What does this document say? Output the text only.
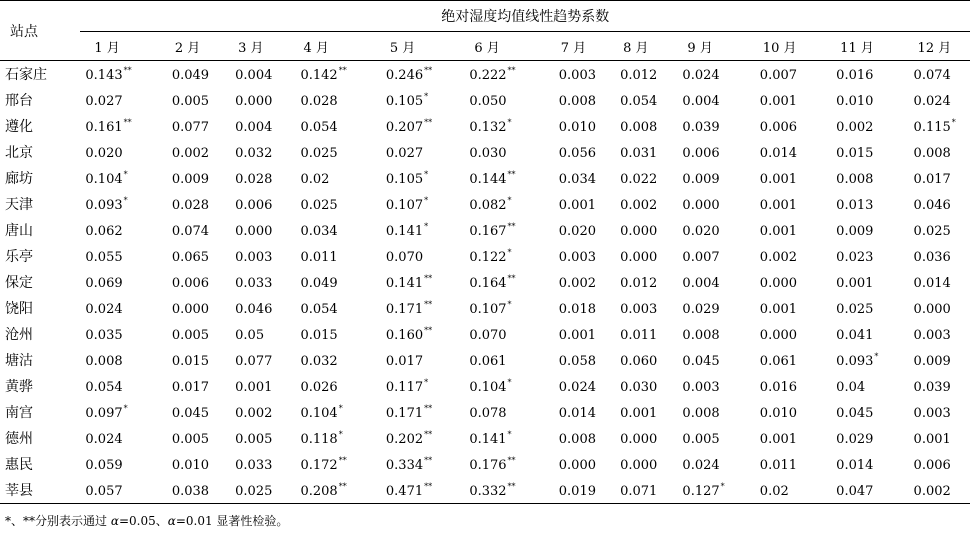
站点	绝对湿度均值线性趋势系数											
	1 月	2 月	3 月	4 月	5 月	6 月	7 月	8 月	9 月	10 月	11 月	12 月
石家庄	0.143**	0.049	0.004	0.142**	0.246**	0.222**	0.003	0.012	0.024	0.007	0.016	0.074
邢台	0.027	0.005	0.000	0.028	0.105*	0.050	0.008	0.054	0.004	0.001	0.010	0.024
遵化	0.161**	0.077	0.004	0.054	0.207**	0.132*	0.010	0.008	0.039	0.006	0.002	0.115*
北京	0.020	0.002	0.032	0.025	0.027	0.030	0.056	0.031	0.006	0.014	0.015	0.008
廊坊	0.104*	0.009	0.028	0.02	0.105*	0.144**	0.034	0.022	0.009	0.001	0.008	0.017
天津	0.093*	0.028	0.006	0.025	0.107*	0.082*	0.001	0.002	0.000	0.001	0.013	0.046
唐山	0.062	0.074	0.000	0.034	0.141*	0.167**	0.020	0.000	0.020	0.001	0.009	0.025
乐亭	0.055	0.065	0.003	0.011	0.070	0.122*	0.003	0.000	0.007	0.002	0.023	0.036
保定	0.069	0.006	0.033	0.049	0.141**	0.164**	0.002	0.012	0.004	0.000	0.001	0.014
饶阳	0.024	0.000	0.046	0.054	0.171**	0.107*	0.018	0.003	0.029	0.001	0.025	0.000
沧州	0.035	0.005	0.05	0.015	0.160**	0.070	0.001	0.011	0.008	0.000	0.041	0.003
塘沽	0.008	0.015	0.077	0.032	0.017	0.061	0.058	0.060	0.045	0.061	0.093*	0.009
黄骅	0.054	0.017	0.001	0.026	0.117*	0.104*	0.024	0.030	0.003	0.016	0.04	0.039
南宫	0.097*	0.045	0.002	0.104*	0.171**	0.078	0.014	0.001	0.008	0.010	0.045	0.003
德州	0.024	0.005	0.005	0.118*	0.202**	0.141*	0.008	0.000	0.005	0.001	0.029	0.001
惠民	0.059	0.010	0.033	0.172**	0.334**	0.176**	0.000	0.000	0.024	0.011	0.014	0.006
莘县	0.057	0.038	0.025	0.208**	0.471**	0.332**	0.019	0.071	0.127*	0.02	0.047	0.002
*、**分别表示通过 α=0.05、α=0.01 显著性检验。
